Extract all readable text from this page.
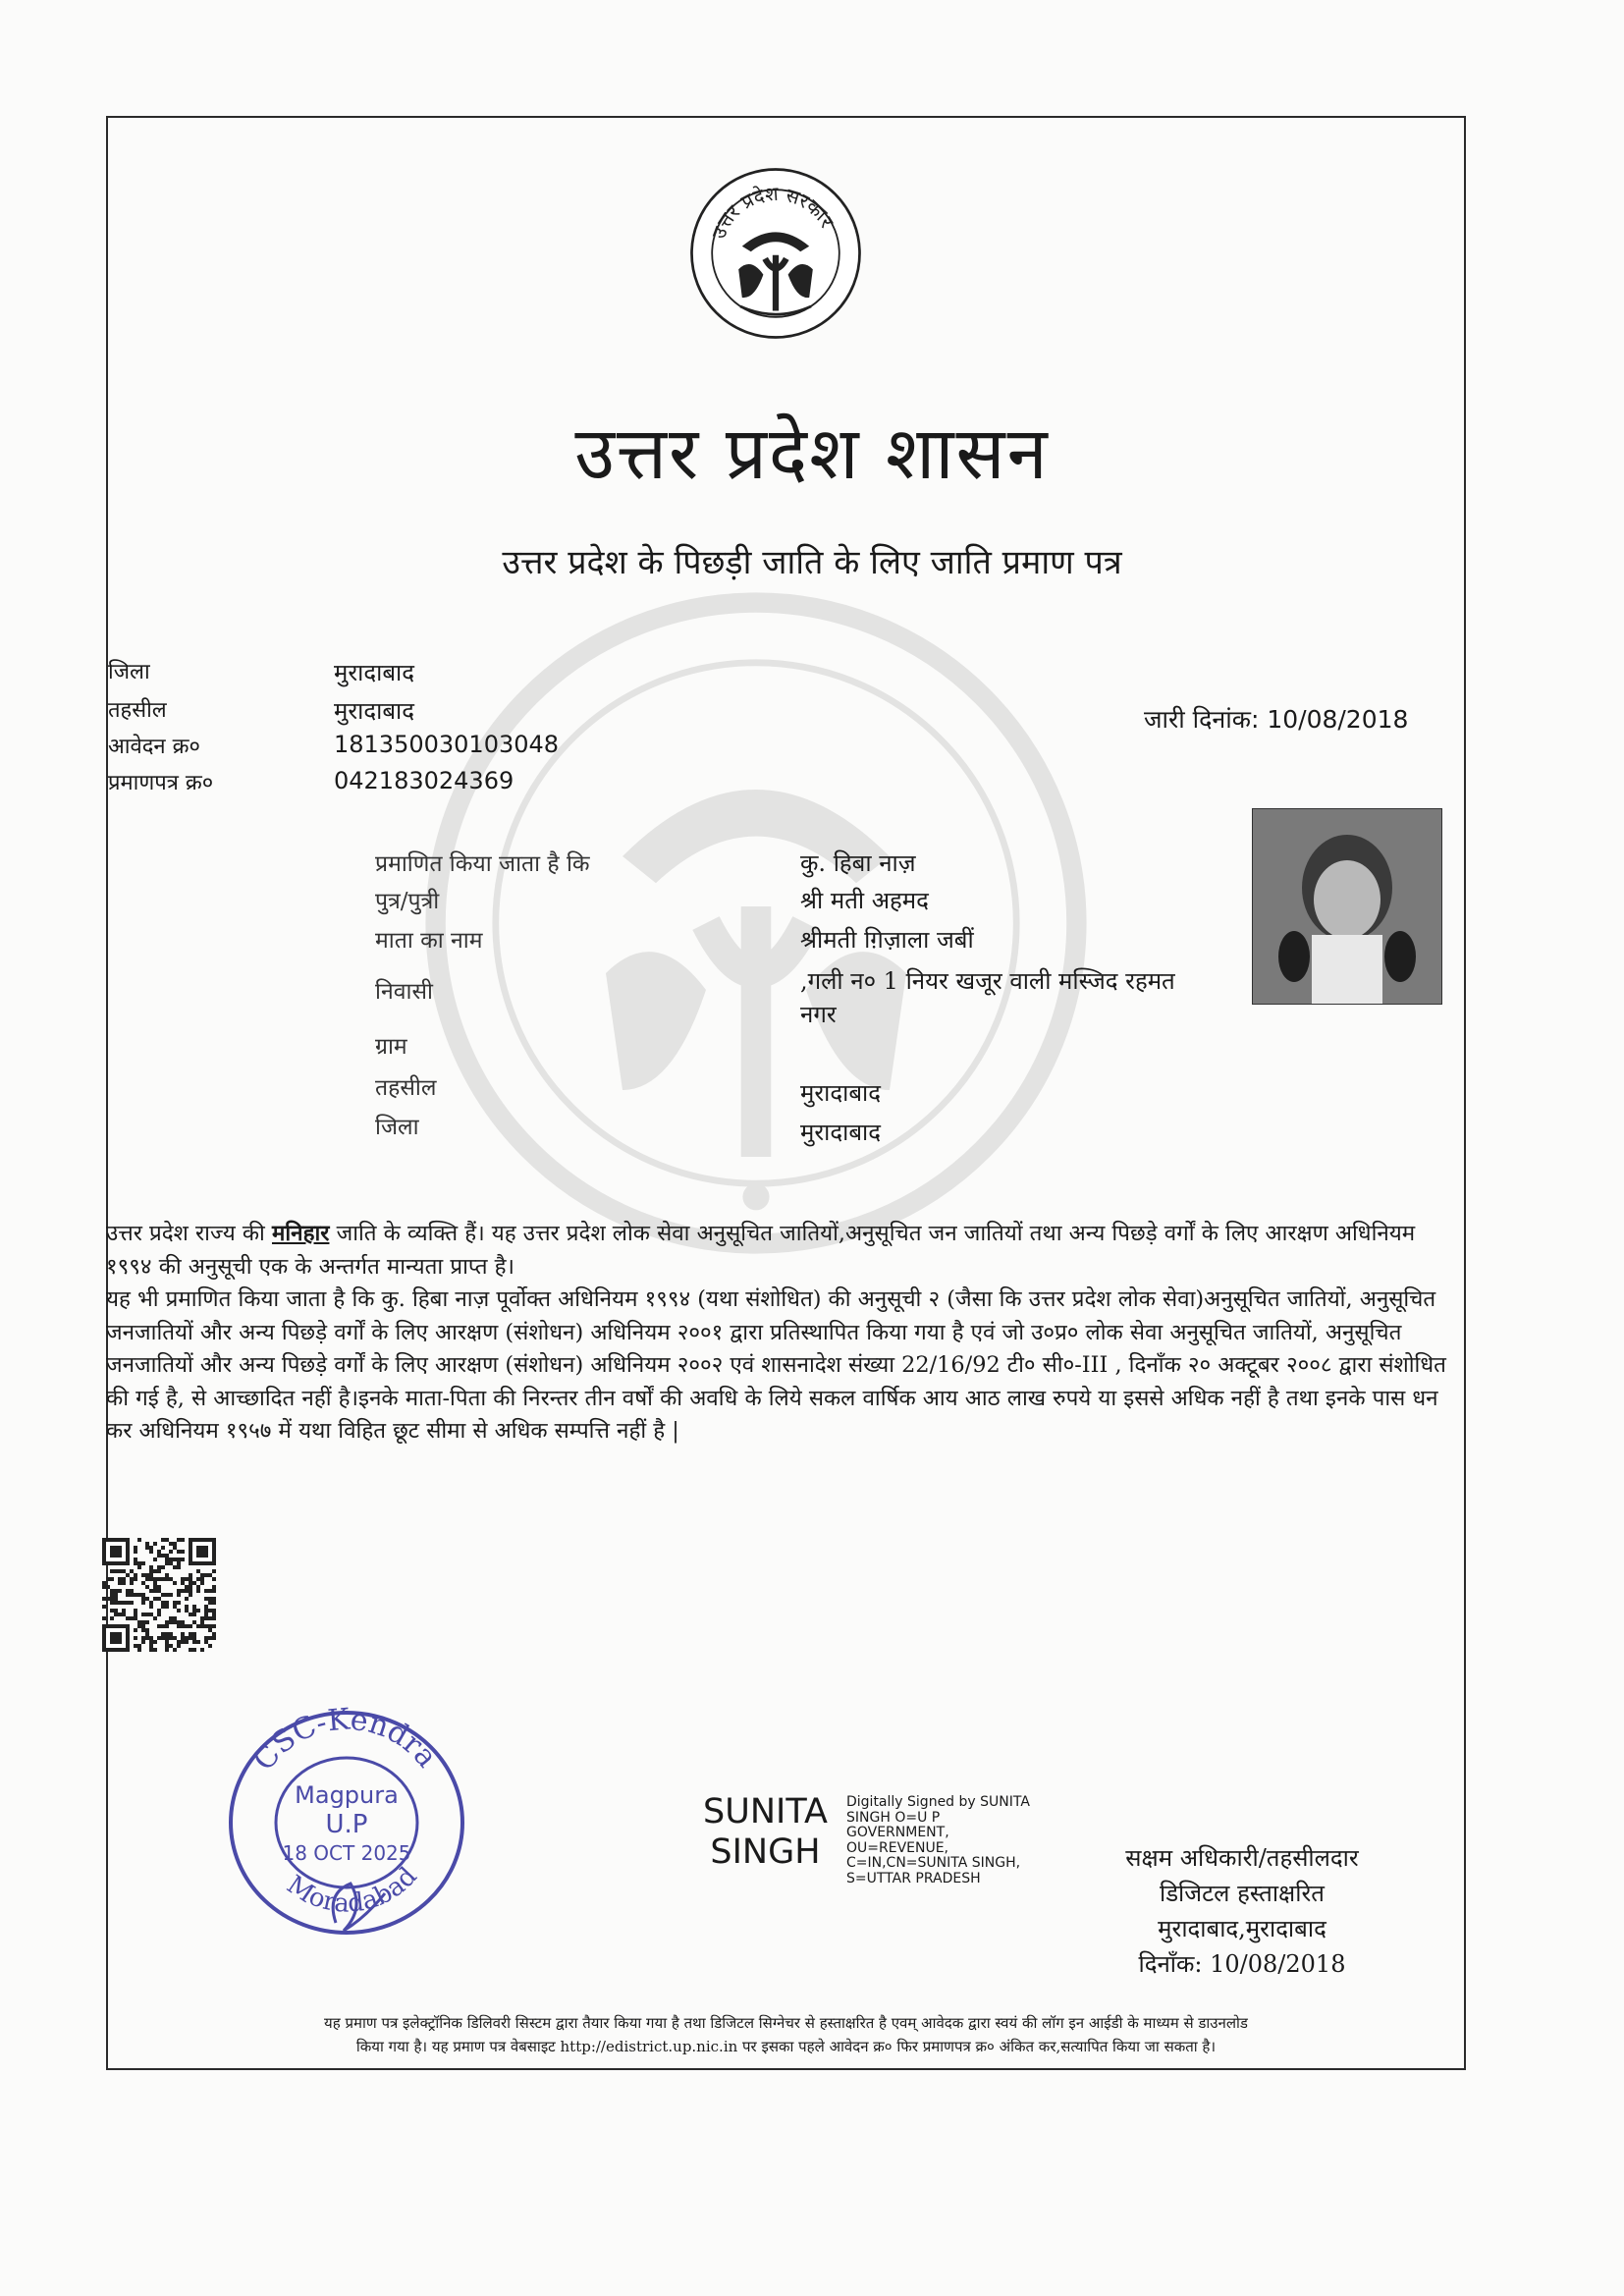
उत्तर प्रदेश सरकार
उत्तर प्रदेश शासन
उत्तर प्रदेश के पिछड़ी जाति के लिए जाति प्रमाण पत्र
जिला	मुरादाबाद
तहसील	मुरादाबाद
आवेदन क्र०	181350030103048
प्रमाणपत्र क्र०	042183024369
जारी दिनांक: 10/08/2018
प्रमाणित किया जाता है कि	कु. हिबा नाज़
पुत्र/पुत्री	श्री मती अहमद
माता का नाम	श्रीमती ग़िज़ाला जबीं
निवासी	,गली न० 1 नियर खजूर वाली मस्जिद रहमत
नगर
ग्राम
तहसील	मुरादाबाद
जिला	मुरादाबाद

उत्तर प्रदेश राज्य की मनिहार जाति के व्यक्ति हैं। यह उत्तर प्रदेश लोक सेवा अनुसूचित जातियों,अनुसूचित जन जातियों तथा अन्य पिछड़े वर्गों के लिए आरक्षण अधिनियम १९९४ की अनुसूची एक के अन्तर्गत मान्यता प्राप्त है।

यह भी प्रमाणित किया जाता है कि कु. हिबा नाज़ पूर्वोक्त अधिनियम १९९४ (यथा संशोधित) की अनुसूची २ (जैसा कि उत्तर प्रदेश लोक सेवा)अनुसूचित जातियों, अनुसूचित जनजातियों और अन्य पिछड़े वर्गों के लिए आरक्षण (संशोधन) अधिनियम २००१ द्वारा प्रतिस्थापित किया गया है एवं जो उ०प्र० लोक सेवा अनुसूचित जातियों, अनुसूचित जनजातियों और अन्य पिछड़े वर्गों के लिए आरक्षण (संशोधन) अधिनियम २००२ एवं शासनादेश संख्या 22/16/92 टी० सी०-III , दिनाँक २० अक्टूबर २००८ द्वारा संशोधित की गई है, से आच्छादित नहीं है।इनके माता-पिता की निरन्तर तीन वर्षों की अवधि के लिये सकल वार्षिक आय आठ लाख रुपये या इससे अधिक नहीं है तथा इनके पास धन कर अधिनियम १९५७ में यथा विहित छूट सीमा से अधिक सम्पत्ति नहीं है |

CSC-Kendra
Moradabad
Magpura
U.P
18 OCT 2025
SUNITA
SINGH
Digitally Signed by SUNITA
SINGH O=U P
GOVERNMENT,
OU=REVENUE,
C=IN,CN=SUNITA SINGH,
S=UTTAR PRADESH
सक्षम अधिकारी/तहसीलदार
डिजिटल हस्ताक्षरित
मुरादाबाद,मुरादाबाद
दिनाँक: 10/08/2018
यह प्रमाण पत्र इलेक्ट्रॉनिक डिलिवरी सिस्टम द्वारा तैयार किया गया है तथा डिजिटल सिग्नेचर से हस्ताक्षरित है एवम् आवेदक द्वारा स्वयं की लॉग इन आईडी के माध्यम से डाउनलोड
किया गया है। यह प्रमाण पत्र वेबसाइट http://edistrict.up.nic.in पर इसका पहले आवेदन क्र० फिर प्रमाणपत्र क्र० अंकित कर,सत्यापित किया जा सकता है।
